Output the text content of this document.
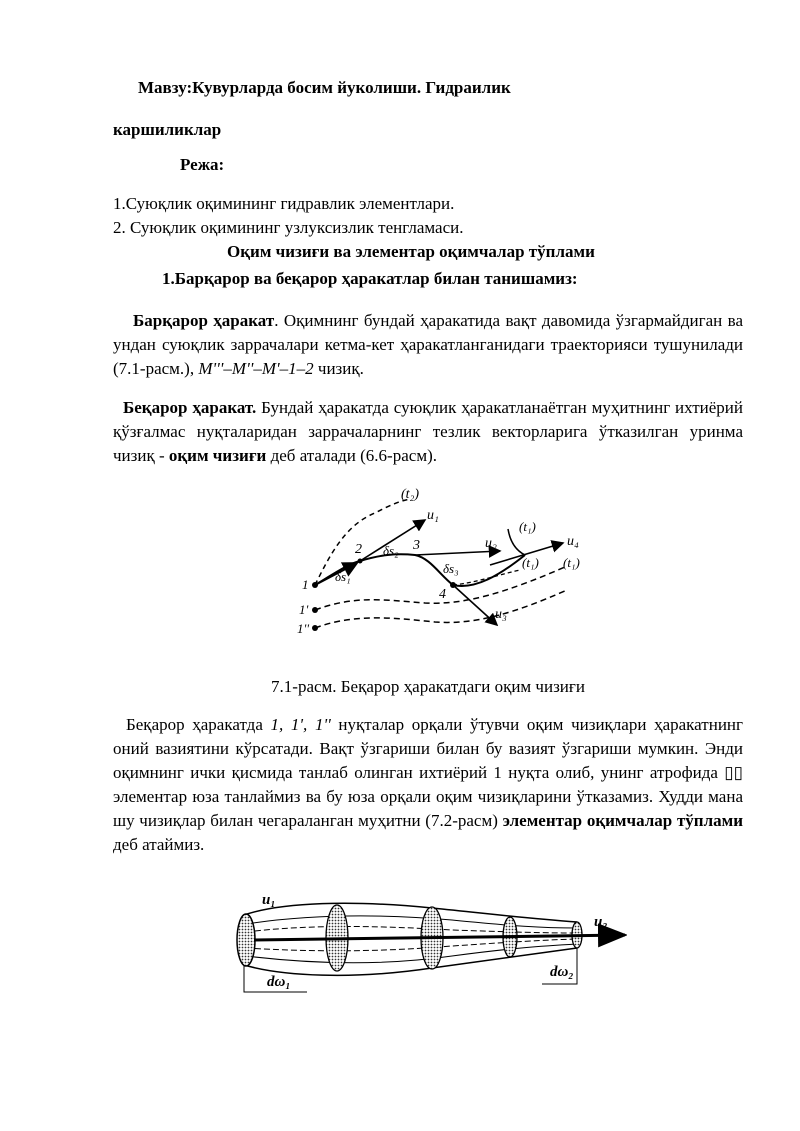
Мавзу:Кувурларда босим йуколиши. Гидраилик
каршиликлар
Режа:
1.Суюқлик оқимининг гидравлик элементлари.
2. Суюқлик оқимининг узлуксизлик тенгламаси.
Оқим чизиғи ва элементар оқимчалар тўплами
1.Барқарор ва беқарор ҳаракатлар билан танишамиз:
Барқарор ҳаракат. Оқимнинг бундай ҳаракатида вақт давомида ўзгармайдиган ва ундан суюқлик заррачалари кетма-кет ҳаракатланганидаги траекторияси тушунилади (7.1-расм.), M'''–M''–M'–1–2 чизиқ.
Беқарор ҳаракат. Бундай ҳаракатда суюқлик ҳаракатланаётган муҳитнинг ихтиёрий қўзғалмас нуқталаридан заррачаларнинг тезлик векторларига ўтказилган уринма чизиқ - оқим чизиғи деб аталади (6.6-расм).
(t₂)
u₁
u₂
u₃
u₄
(t₁)
(t₁) (t₁)
1
1'
1''
2	3
4
δs₁
δs₂
δs₃
7.1-расм. Беқарор ҳаракатдаги оқим чизиғи
Беқарор ҳаракатда 1, 1', 1'' нуқталар орқали ўтувчи оқим чизиқлари ҳаракатнинг оний вазиятини кўрсатади. Вақт ўзгариши билан бу вазият ўзгариши мумкин. Энди оқимнинг ички қисмида танлаб олинган ихтиёрий 1 нуқта олиб, унинг атрофида ▯▯ элементар юза танлаймиз ва бу юза орқали оқим чизиқларини ўтказамиз. Худди мана шу чизиқлар билан чегараланган муҳитни (7.2-расм) элементар оқимчалар тўплами деб атаймиз.
u₁
u₂
dω₁
dω₂
